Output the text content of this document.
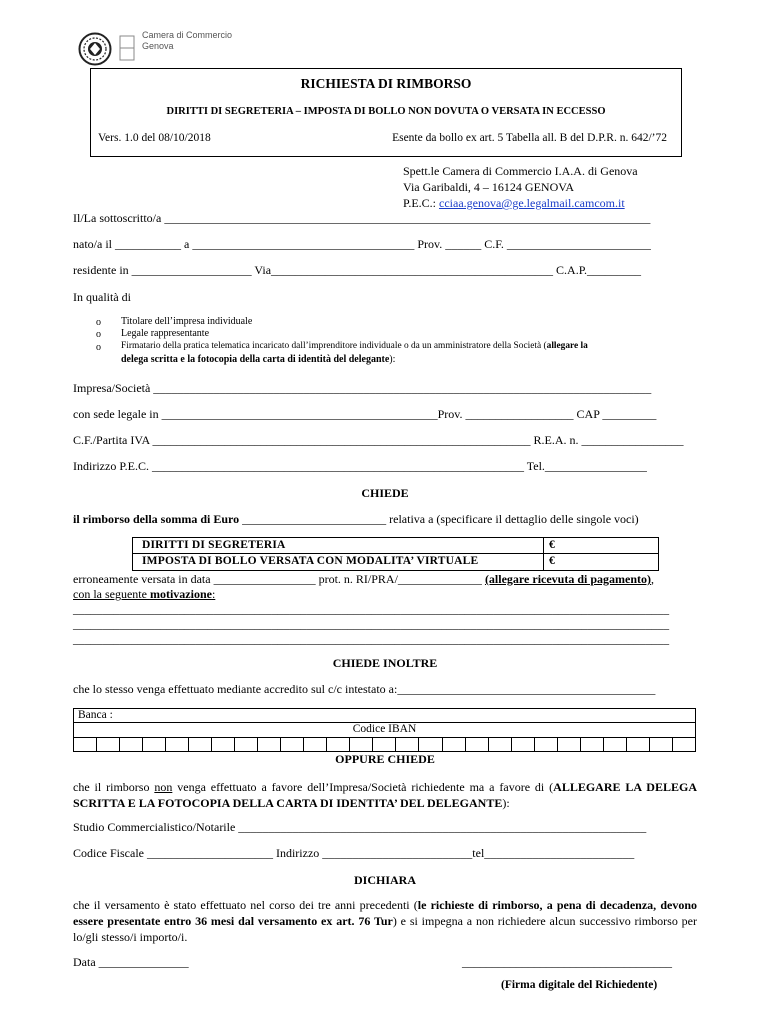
Camera di Commercio
Genova
RICHIESTA DI RIMBORSO
DIRITTI DI SEGRETERIA – IMPOSTA DI BOLLO NON DOVUTA O VERSATA IN ECCESSO
Vers. 1.0 del 08/10/2018	Esente da bollo ex art. 5 Tabella all. B del D.P.R. n. 642/’72
Spett.le Camera di Commercio I.A.A. di Genova
Via Garibaldi, 4 – 16124 GENOVA
P.E.C.: cciaa.genova@ge.legalmail.camcom.it
Il/La sottoscritto/a _________________________________________________________________________________
nato/a il ___________ a _____________________________________ Prov. ______ C.F. ________________________
residente in ____________________ Via_______________________________________________ C.A.P._________
In qualità di
o Titolare dell’impresa individuale
o Legale rappresentante
o Firmatario della pratica telematica incaricato dall’imprenditore individuale o da un amministratore della Società (allegare la
delega scritta e la fotocopia della carta di identità del delegante):
Impresa/Società ___________________________________________________________________________________
con sede legale in ______________________________________________Prov. __________________ CAP _________
C.F./Partita IVA _______________________________________________________________ R.E.A. n. _________________
Indirizzo P.E.C. ______________________________________________________________ Tel._________________
CHIEDE
il rimborso della somma di Euro ________________________ relativa a (specificare il dettaglio delle singole voci)
DIRITTI DI SEGRETERIA	€
IMPOSTA DI BOLLO VERSATA CON MODALITA’ VIRTUALE	€
erroneamente versata in data _________________ prot. n. RI/PRA/______________ (allegare ricevuta di pagamento),
con la seguente motivazione:
______________________________________________________________________________________________________
______________________________________________________________________________________________________
______________________________________________________________________________________________________
CHIEDE INOLTRE
che lo stesso venga effettuato mediante accredito sul c/c intestato a:___________________________________________
Banca :
Codice IBAN
OPPURE CHIEDE
che il rimborso non venga effettuato a favore dell’Impresa/Società richiedente ma a favore di (ALLEGARE LA DELEGA SCRITTA E LA FOTOCOPIA DELLA CARTA DI IDENTITA’ DEL DELEGANTE):
Studio Commercialistico/Notarile ____________________________________________________________________
Codice Fiscale _____________________ Indirizzo _________________________tel_________________________
DICHIARA
che il versamento è stato effettuato nel corso dei tre anni precedenti (le richieste di rimborso, a pena di decadenza, devono essere presentate entro 36 mesi dal versamento ex art. 76 Tur) e si impegna a non richiedere alcun successivo rimborso per lo/gli stesso/i importo/i.
Data _______________	___________________________________
(Firma digitale del Richiedente)
